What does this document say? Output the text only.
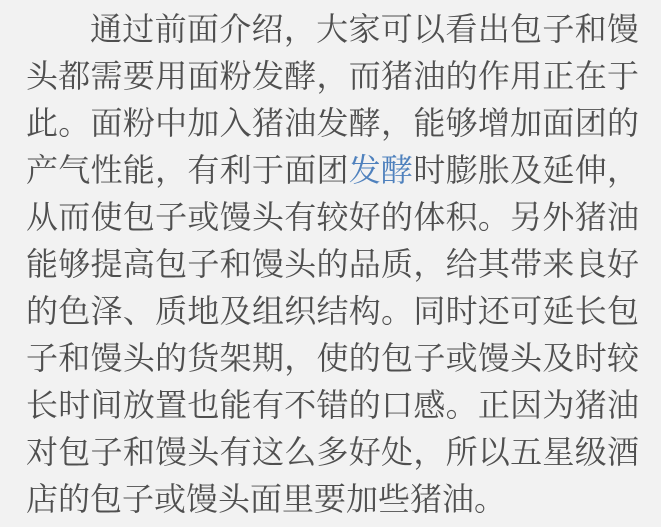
通过前面介绍，大家可以看出包子和馒头都需要用面粉发酵，而猪油的作用正在于此。面粉中加入猪油发酵，能够增加面团的产气性能，有利于面团发酵时膨胀及延伸，从而使包子或馒头有较好的体积。另外猪油能够提高包子和馒头的品质，给其带来良好的色泽、质地及组织结构。同时还可延长包子和馒头的货架期，使的包子或馒头及时较长时间放置也能有不错的口感。正因为猪油对包子和馒头有这么多好处，所以五星级酒店的包子或馒头面里要加些猪油。
